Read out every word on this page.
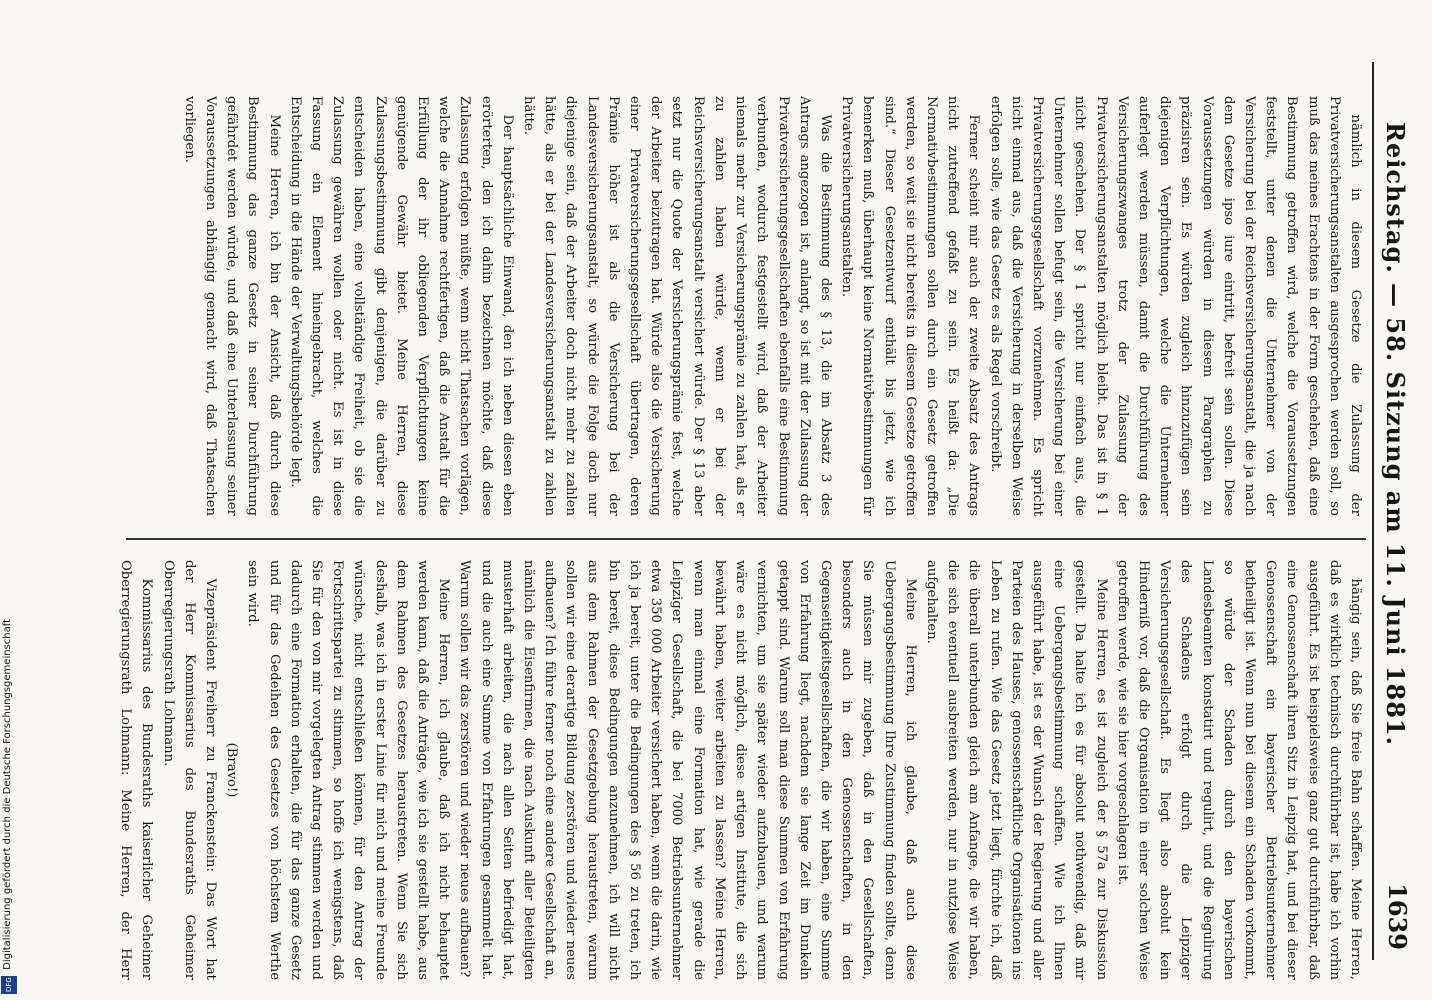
Reichstag. — 58. Sitzung am 11. Juni 1881.
1639

nämlich in diesem Gesetze die Zulassung der Privatversicherungsanstalten ausgesprochen werden soll, so muß das meines Erachtens in der Form geschehen, daß eine Bestimmung getroffen wird, welche die Voraussetzungen feststellt, unter denen die Unternehmer von der Versicherung bei der Reichsversicherungsanstalt, die ja nach dem Gesetze ipso iure eintritt, befreit sein sollen. Diese Voraussetzungen würden in diesem Paragraphen zu präzisiren sein. Es würden zugleich hinzuzufügen sein diejenigen Verpflichtungen, welche die Unternehmer auferlegt werden müssen, damit die Durchführung des Versicherungszwanges trotz der Zulassung der Privatversicherungsanstalten möglich bleibt. Das ist in § 1 nicht geschehen. Der § 1 spricht nur einfach aus, die Unternehmer sollen befugt sein, die Versicherung bei einer Privatversicherungsgesellschaft vorzunehmen. Es spricht nicht einmal aus, daß die Versicherung in derselben Weise erfolgen solle, wie das Gesetz es als Regel vorschreibt.

Ferner scheint mir auch der zweite Absatz des Antrags nicht zutreffend gefaßt zu sein. Es heißt da: „Die Normativbestimmungen sollen durch ein Gesetz getroffen werden, so weit sie nicht bereits in diesem Gesetze getroffen sind.“ Dieser Gesetzentwurf enthält bis jetzt, wie ich bemerken muß, überhaupt keine Normativbestimmungen für Privatversicherungsanstalten.

Was die Bestimmung des § 13, die im Absatz 3 des Antrags angezogen ist, anlangt, so ist mit der Zulassung der Privatversicherungsgesellschaften ebenfalls eine Bestimmung verbunden, wodurch festgestellt wird, daß der Arbeiter niemals mehr zur Versicherungsprämie zu zahlen hat, als er zu zahlen haben würde, wenn er bei der Reichsversicherungsanstalt versichert würde. Der § 13 aber setzt nur die Quote der Versicherungsprämie fest, welche der Arbeiter beizutragen hat. Würde also die Versicherung einer Privatversicherungsgesellschaft übertragen, deren Prämie höher ist als die Versicherung bei der Landesversicherungsanstalt, so würde die Folge doch nur diejenige sein, daß der Arbeiter doch nicht mehr zu zahlen hätte, als er bei der Landesversicherungsanstalt zu zahlen hätte.

Der hauptsächliche Einwand, den ich neben diesen eben erörterten, den ich dahin bezeichnen möchte, daß diese Zulassung erfolgen müßte, wenn nicht Thatsachen vorlägen, welche die Annahme rechtfertigen, daß die Anstalt für die Erfüllung der ihr obliegenden Verpflichtungen keine genügende Gewähr bietet. Meine Herren, diese Zulassungsbestimmung gibt denjenigen, die darüber zu entscheiden haben, eine vollständige Freiheit, ob sie die Zulassung gewähren wollen oder nicht. Es ist in diese Fassung ein Element hineingebracht, welches die Entscheidung in die Hände der Verwaltungsbehörde legt.

Meine Herren, ich bin der Ansicht, daß durch diese Bestimmung das ganze Gesetz in seiner Durchführung gefährdet werden würde, und daß eine Unterlassung seiner Voraussetzungen abhängig gemacht wird, daß Thatsachen vorliegen.

hängig sein, daß Sie freie Bahn schaffen. Meine Herren, daß es wirklich technisch durchführbar ist, habe ich vorhin ausgeführt. Es ist beispielsweise ganz gut durchführbar, daß eine Genossenschaft ihren Sitz in Leipzig hat, und bei dieser Genossenschaft ein bayerischer Betriebsunternehmer betheiligt ist. Wenn nun bei diesem ein Schaden vorkommt, so würde der Schaden durch den bayerischen Landesbeamten konstatirt und regulirt, und die Regulirung des Schadens erfolgt durch die Leipziger Versicherungsgesellschaft. Es liegt also absolut kein Hinderniß vor, daß die Organisation in einer solchen Weise getroffen werde, wie sie hier vorgeschlagen ist.

Meine Herren, es ist zugleich der § 57a zur Diskussion gestellt. Da halte ich es für absolut nothwendig, daß mir eine Uebergangsbestimmung schaffen. Wie ich Ihnen ausgeführt habe, ist es der Wunsch der Regierung und aller Parteien des Hauses, genossenschaftliche Organisationen ins Leben zu rufen. Wie das Gesetz jetzt liegt, fürchte ich, daß die überall unterbunden gleich am Anfange, die wir haben, die sich eventuell ausbreiten werden, nur in nutzlose Weise aufgehalten.

Meine Herren, ich glaube, daß auch diese Uebergangsbestimmung Ihre Zustimmung finden sollte, denn Sie müssen mir zugeben, daß in den Gesellschaften, besonders auch in den Genossenschaften, in den Gegenseitigkeitsgesellschaften, die wir haben, eine Summe von Erfahrung liegt, nachdem sie lange Zeit im Dunkeln getappt sind. Warum soll man diese Summen von Erfahrung vernichten, um sie später wieder aufzubauen, und warum wäre es nicht möglich, diese artigen Institute, die sich bewährt haben, weiter arbeiten zu lassen? Meine Herren, wenn man einmal eine Formation hat, wie gerade die Leipziger Gesellschaft, die bei 7000 Betriebsunternehmer etwa 350 000 Arbeiter versichert haben, wenn die darin, wie ich ja bereit, unter die Bedingungen des § 56 zu treten, ich bin bereit, diese Bedingungen anzunehmen, ich will nicht aus dem Rahmen der Gesetzgebung heraustreten, warum sollen wir eine derartige Bildung zerstören und wieder neues aufbauen? Ich führe ferner noch eine andere Gesellschaft an, nämlich die Eisenfirmen, die nach Auskunft aller Beteiligten musterhaft arbeiten, die nach allen Seiten befriedigt hat, und die auch eine Summe von Erfahrungen gesammelt hat. Warum sollen wir das zerstören und wieder neues aufbauen?

Meine Herren, ich glaube, daß ich nicht behauptet werden kann, daß die Anträge, wie ich sie gestellt habe, aus dem Rahmen des Gesetzes heraustreten. Wenn Sie sich deshalb, was ich in erster Linie für mich und meine Freunde wünsche, nicht entschließen können, für den Antrag der Fortschrittspartei zu stimmen, so hoffe ich wenigstens, daß Sie für den von mir vorgelegten Antrag stimmen werden und dadurch eine Formation erhalten, die für das ganze Gesetz und für das Gedeihen des Gesetzes von höchstem Werthe sein wird.

(Bravo!)

Vizepräsident Freiherr zu Franckenstein: Das Wort hat der Herr Kommissarius des Bundesraths Geheimer Oberregierungsrath Lohmann.

Kommissarius des Bundesraths kaiserlicher Geheimer Oberregierungsrath Lohmann: Meine Herren, der Herr

Digitalisierung gefördert durch die Deutsche Forschungsgemeinschaft
DFG
